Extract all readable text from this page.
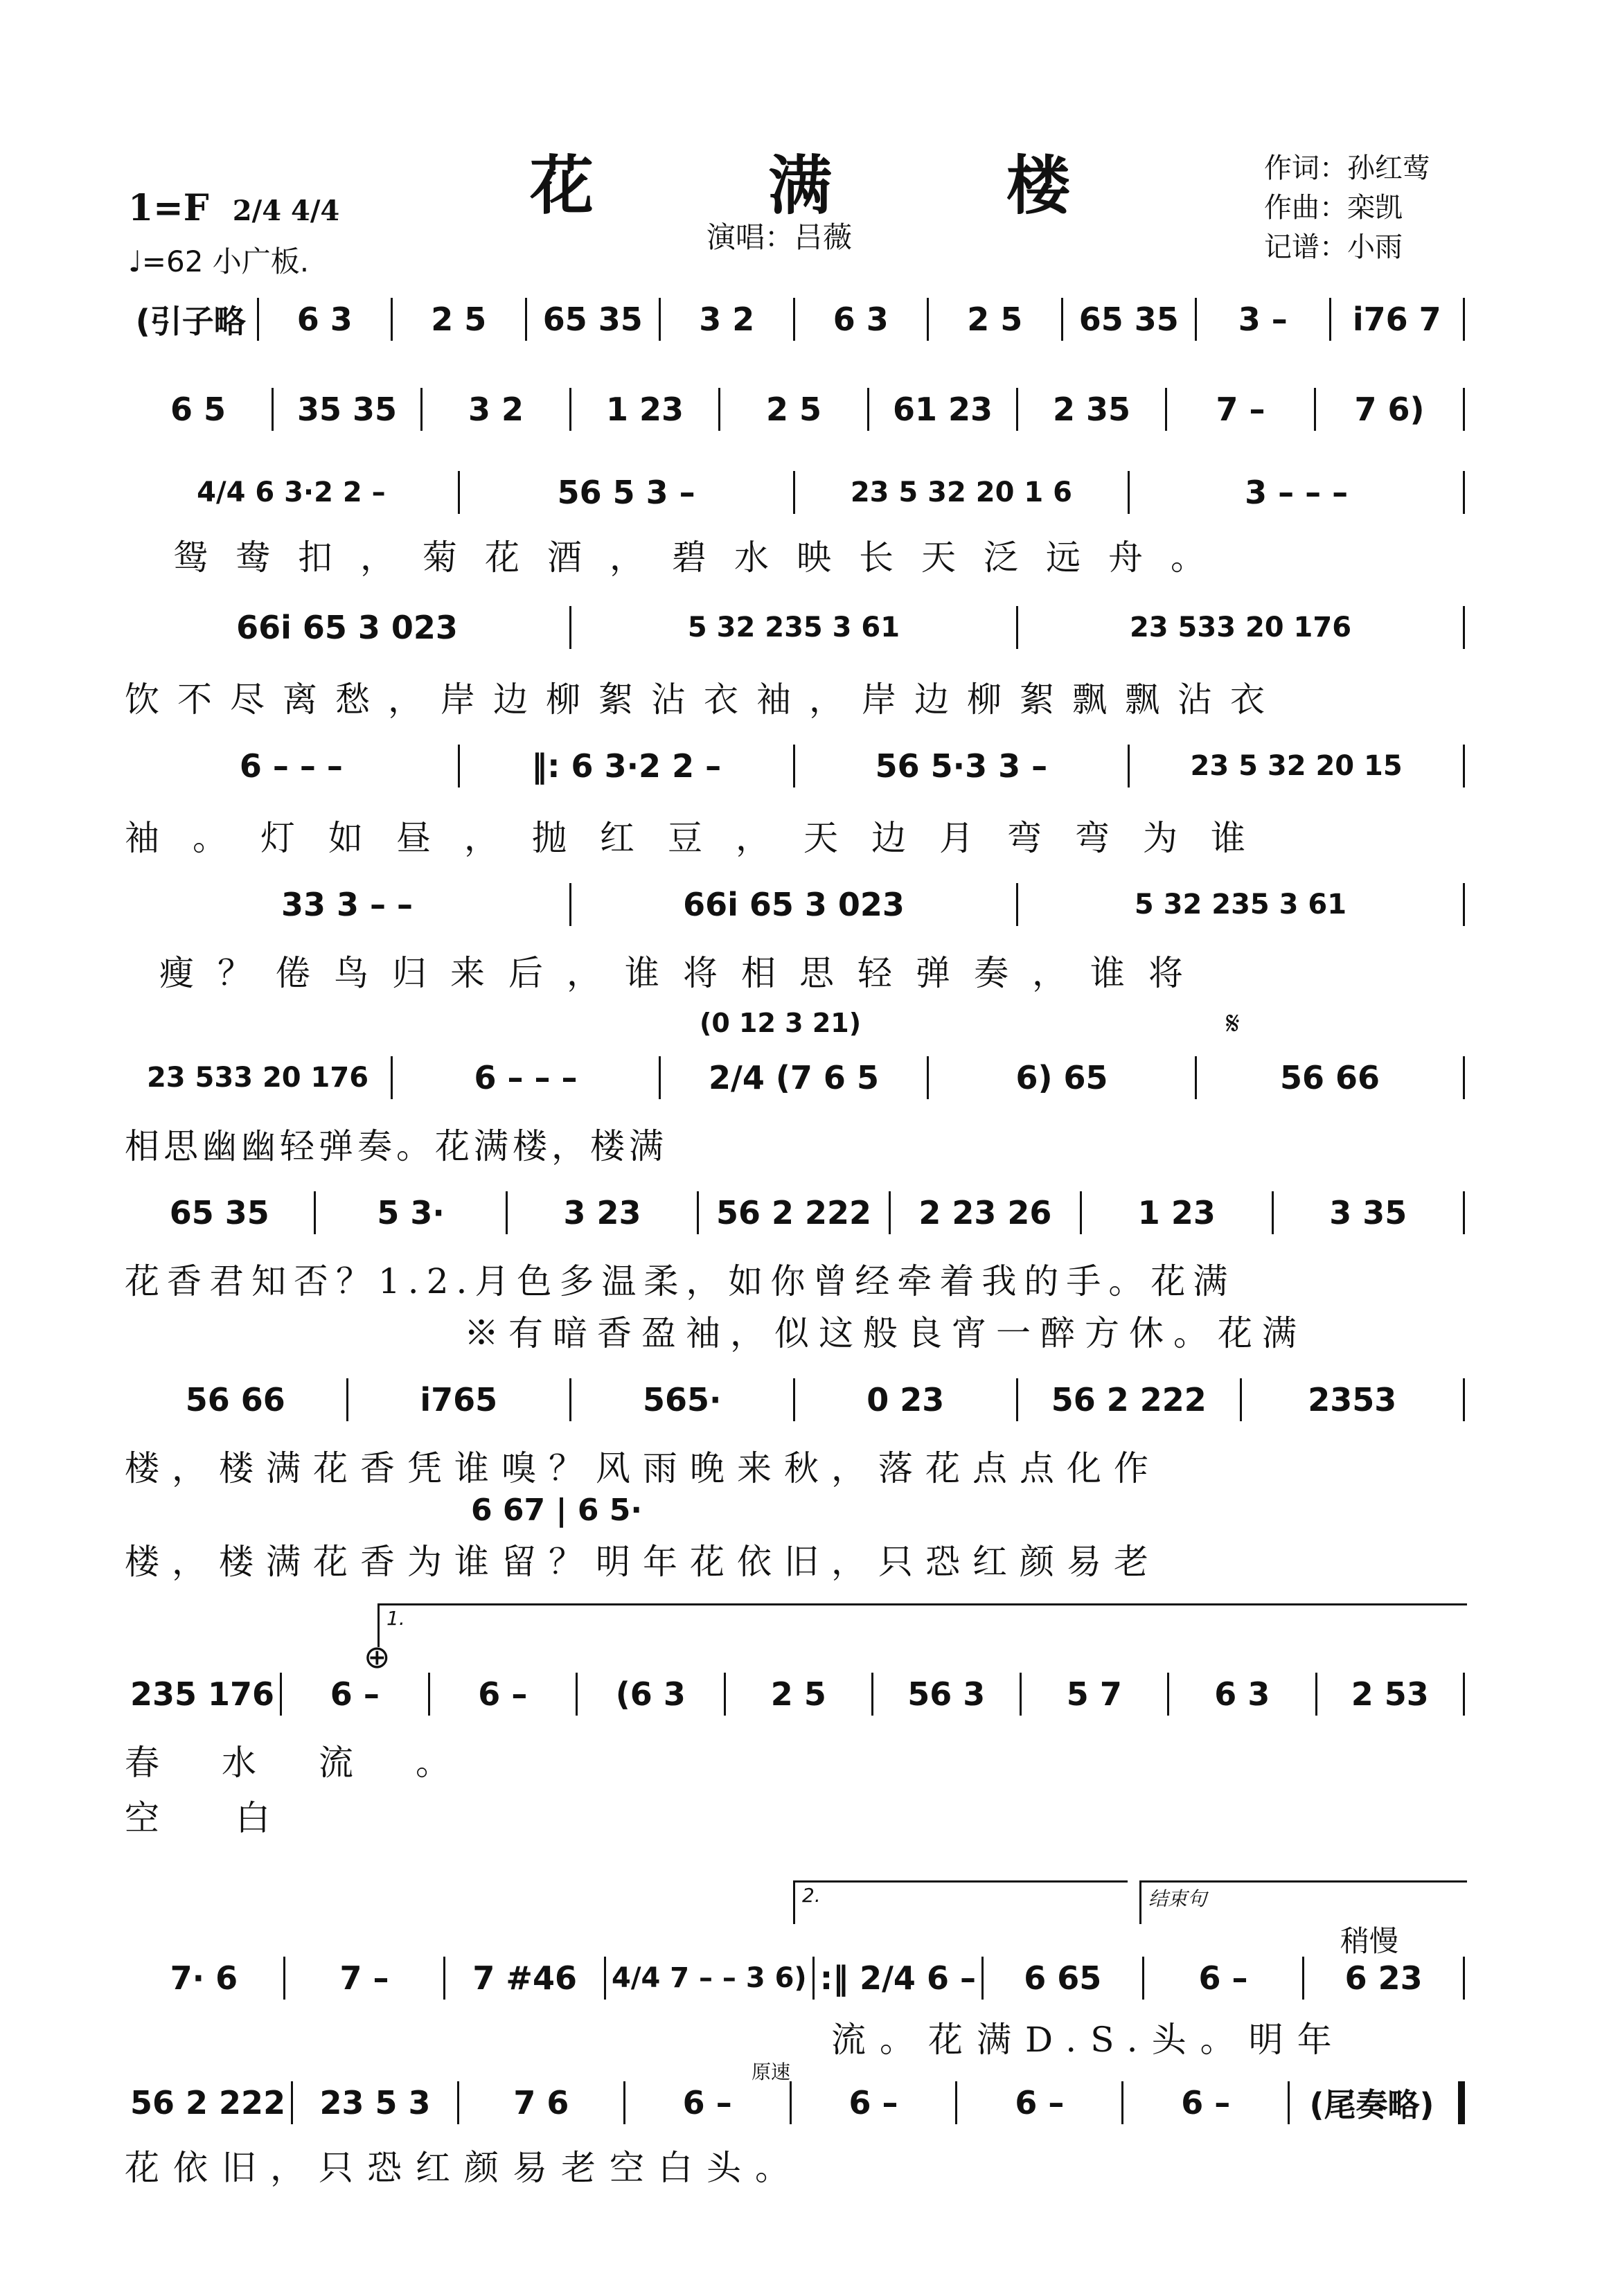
花 满 楼
1=F 2/4 4/4
♩=62 小广板.
演唱：吕薇
作词：孙红莺
作曲：栾凯
记谱：小雨
(引子略 6 3 2 5 65 35 3 2 6 3 2 5 65 35 3 – i76 7
6 5 35 35 3 2	1 23	2 5 61 23 2 35	7 –	7 6)
4/4 6 3·2 2 –	56 5 3 –	23 5 32 20 1 6	3 – – –
鸳鸯扣，菊花酒，碧水映长天泛远舟。
66i 65 3 023	5 32 235 3 61	23 533 20 176
饮不尽离愁，岸边柳絮沾衣袖，岸边柳絮飘飘沾衣
6 – – –	‖: 6 3·2 2 –	56 5·3 3 –	23 5 32 20 15
袖。灯如昼，抛红豆，天边月弯弯为谁
33 3 – –	66i 65 3 023	5 32 235 3 61
瘦？倦鸟归来后，谁将相思轻弹奏，谁将
(0 12 3 21)	𝄋
23 533 20 176	6 – – –	2/4 (7 6 5	6) 65	56 66
相思幽幽轻弹奏。花满楼，楼满
65 35	5 3·	3 23 56 2 222 2 23 26	1 23	3 35
花香君知否？1.2.月色多温柔，如你曾经牵着我的手。花满
※有暗香盈袖，似这般良宵一醉方休。花满
56 66	i765	565·	0 23	56 2 222	2353
楼，楼满花香凭谁嗅？风雨晚来秋，落花点点化作
6 67 | 6 5·
楼，楼满花香为谁留？明年花依旧，只恐红颜易老
1.
⊕
235 176 6 –	6 –	(6 3	2 5	56 3	5 7	6 3	2 53
春水流。
空白
2.	结束句
稍慢
7· 6	7 –	7 #46 4/4 7 – – 3 6) :‖ 2/4 6 – 6 65	6 –	6 23
流。花满D.S.头。明年
原速
56 2 222 23 5 3	7 6	6 –	6 –	6 –	6 – (尾奏略)
花依旧，只恐红颜易老空白头。
